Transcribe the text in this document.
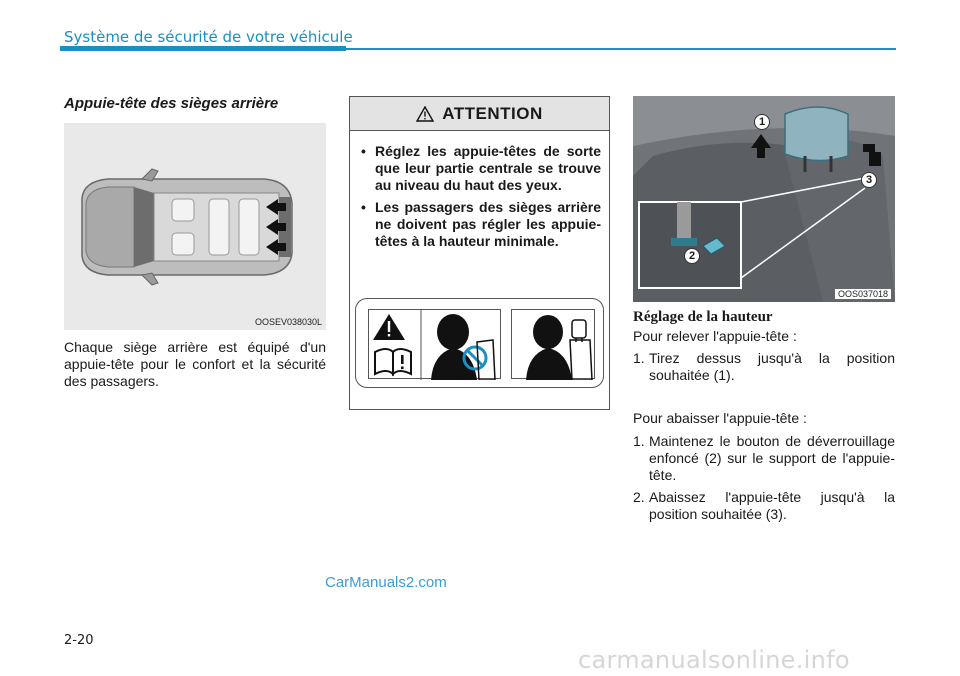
Système de sécurité de votre véhicule
Appuie-tête des sièges arrière
OOSEV038030L
Chaque siège arrière est équipé d'un appuie-tête pour le confort et la sécurité des passagers.
ATTENTION
• Réglez les appuie-têtes de sorte que leur partie centrale se trouve au niveau du haut des yeux.
• Les passagers des sièges arrière ne doivent pas régler les appuie-têtes à la hauteur minimale.
1
2
3
OOS037018
Réglage de la hauteur
Pour relever l'appuie-tête :
1. Tirez dessus jusqu'à la position souhaitée (1).
Pour abaisser l'appuie-tête :
1. Maintenez le bouton de déverrouillage enfoncé (2) sur le support de l'appuie-tête.
2. Abaissez l'appuie-tête jusqu'à la position souhaitée (3).
CarManuals2.com
2-20
carmanualsonline.info
